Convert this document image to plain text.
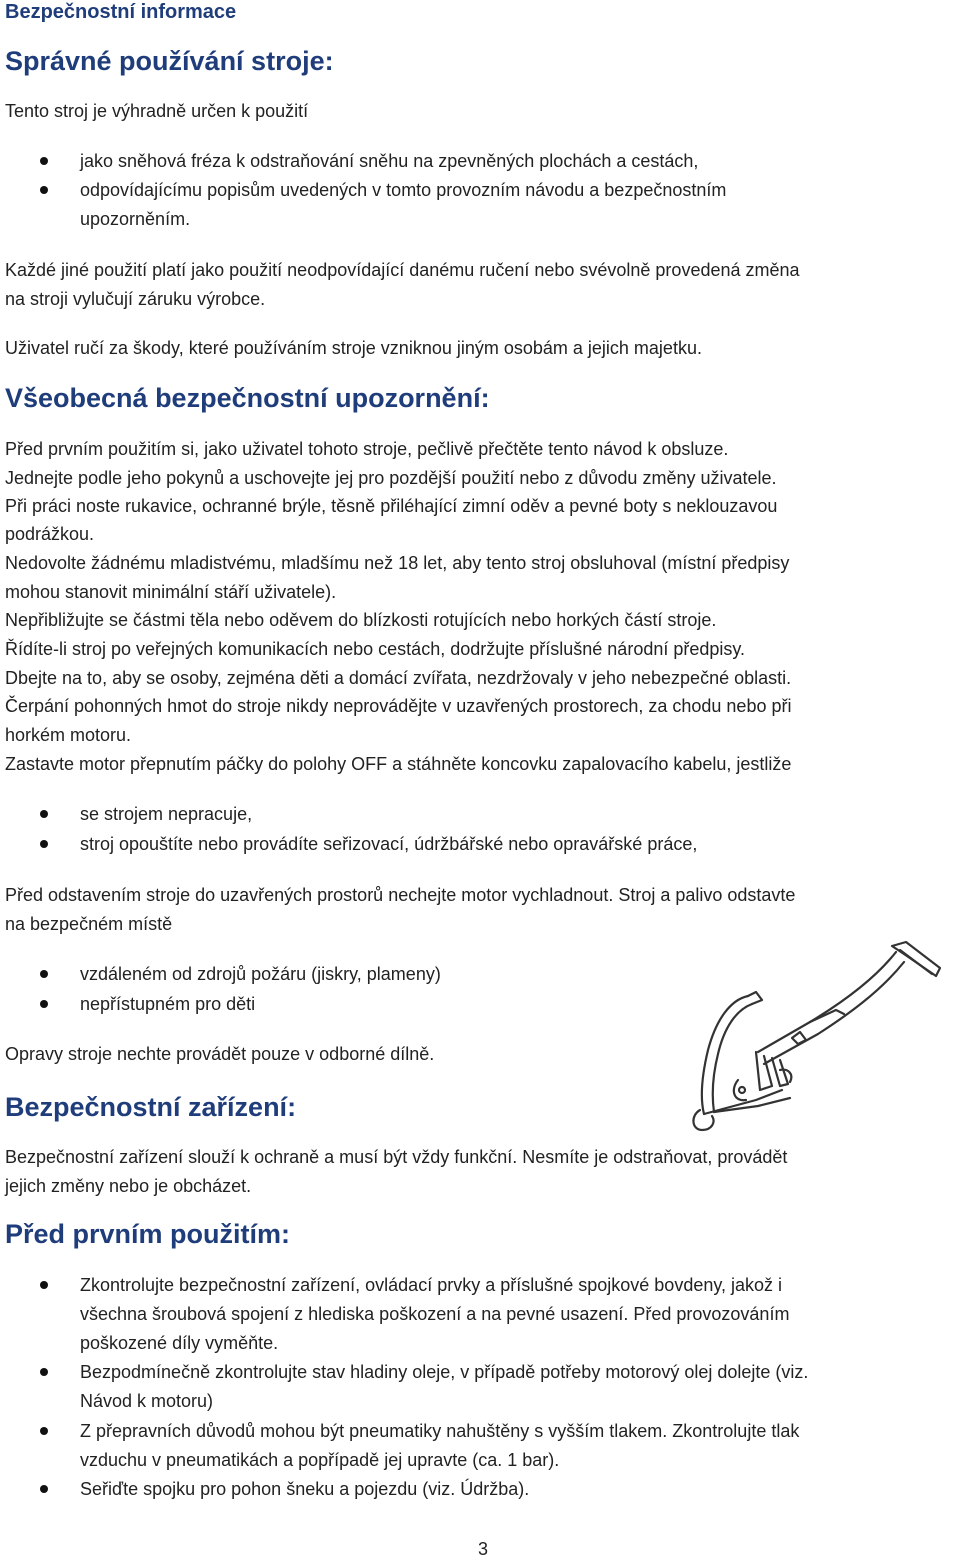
Bezpečnostní informace
Správné používání stroje:

Tento stroj je výhradně určen k použití

jako sněhová fréza k odstraňování sněhu na zpevněných plochách a cestách,

odpovídajícímu popisům uvedených v tomto provozním návodu a bezpečnostním

upozorněním.

Každé jiné použití platí jako použití neodpovídající danému ručení nebo svévolně provedená změna

na stroji vylučují záruku výrobce.

Uživatel ručí za škody, které používáním stroje vzniknou jiným osobám a jejich majetku.

Všeobecná bezpečnostní upozornění:

Před prvním použitím si, jako uživatel tohoto stroje, pečlivě přečtěte tento návod k obsluze.

Jednejte podle jeho pokynů a uschovejte jej pro pozdější použití nebo z důvodu změny uživatele.

Při práci noste rukavice, ochranné brýle, těsně přiléhající zimní oděv a pevné boty s neklouzavou

podrážkou.

Nedovolte žádnému mladistvému, mladšímu než 18 let, aby tento stroj obsluhoval (místní předpisy

mohou stanovit minimální stáří uživatele).

Nepřibližujte se částmi těla nebo oděvem do blízkosti rotujících nebo horkých částí stroje.

Řídíte-li stroj po veřejných komunikacích nebo cestách, dodržujte příslušné národní předpisy.

Dbejte na to, aby se osoby, zejména děti a domácí zvířata, nezdržovaly v jeho nebezpečné oblasti.

Čerpání pohonných hmot do stroje nikdy neprovádějte v uzavřených prostorech, za chodu nebo při

horkém motoru.

Zastavte motor přepnutím páčky do polohy OFF a stáhněte koncovku zapalovacího kabelu, jestliže

se strojem nepracuje,

stroj opouštíte nebo provádíte seřizovací, údržbářské nebo opravářské práce,

Před odstavením stroje do uzavřených prostorů nechejte motor vychladnout. Stroj a palivo odstavte

na bezpečném místě

vzdáleném od zdrojů požáru (jiskry, plameny)

nepřístupném pro děti

Opravy stroje nechte provádět pouze v odborné dílně.

Bezpečnostní zařízení:

Bezpečnostní zařízení slouží k ochraně a musí být vždy funkční. Nesmíte je odstraňovat, provádět

jejich změny nebo je obcházet.

Před prvním použitím:

Zkontrolujte bezpečnostní zařízení, ovládací prvky a příslušné spojkové bovdeny, jakož i

všechna šroubová spojení z hlediska poškození a na pevné usazení. Před provozováním

poškozené díly vyměňte.

Bezpodmínečně zkontrolujte stav hladiny oleje, v případě potřeby motorový olej dolejte (viz.

Návod k motoru)

Z přepravních důvodů mohou být pneumatiky nahuštěny s vyšším tlakem. Zkontrolujte tlak

vzduchu v pneumatikách a popřípadě jej upravte (ca. 1 bar).

Seřiďte spojku pro pohon šneku a pojezdu (viz. Údržba).

3
